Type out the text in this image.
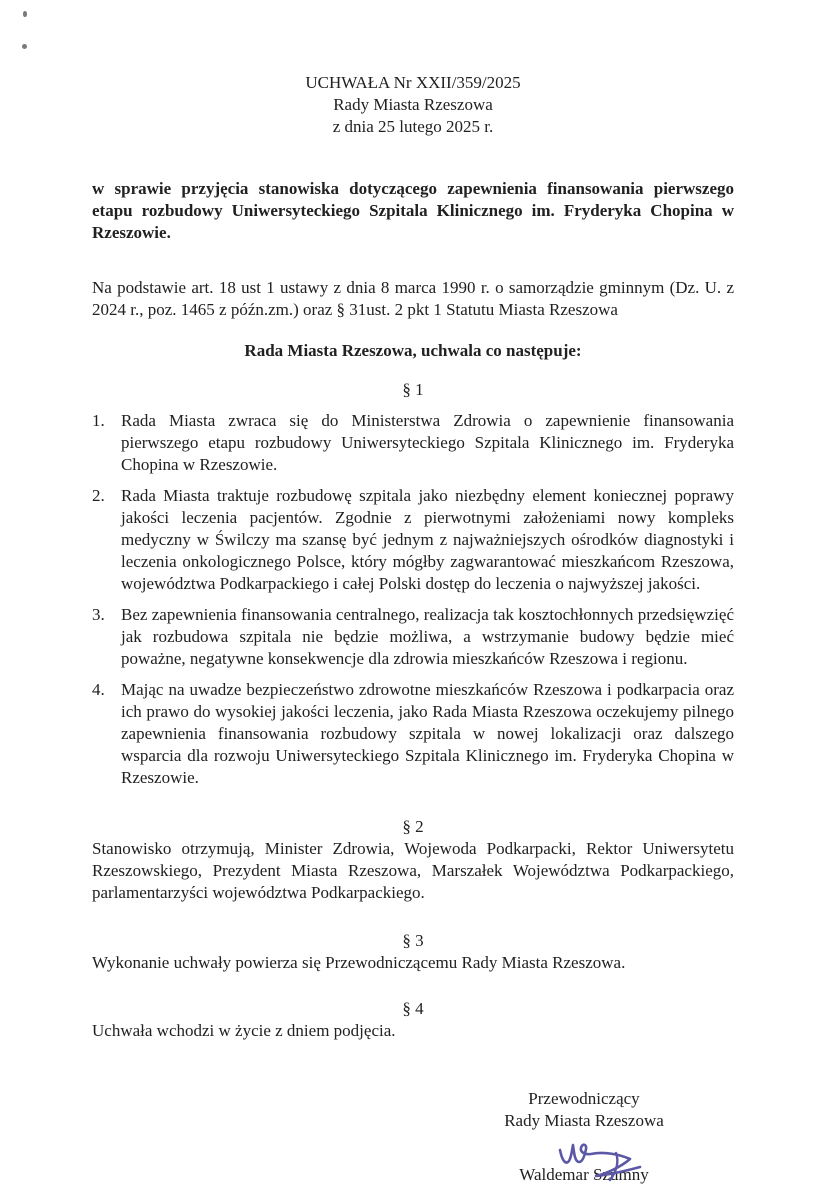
UCHWAŁA Nr XXII/359/2025
Rady Miasta Rzeszowa
z dnia 25 lutego 2025 r.

w sprawie przyjęcia stanowiska dotyczącego zapewnienia finansowania pierwszego etapu rozbudowy Uniwersyteckiego Szpitala Klinicznego im. Fryderyka Chopina w Rzeszowie.

Na podstawie art. 18 ust 1 ustawy z dnia 8 marca 1990 r. o samorządzie gminnym (Dz. U. z 2024 r., poz. 1465 z późn.zm.) oraz § 31ust. 2 pkt 1 Statutu Miasta Rzeszowa

Rada Miasta Rzeszowa, uchwala co następuje:

§ 1
1. Rada Miasta zwraca się do Ministerstwa Zdrowia o zapewnienie finansowania pierwszego etapu rozbudowy Uniwersyteckiego Szpitala Klinicznego im. Fryderyka Chopina w Rzeszowie.
2. Rada Miasta traktuje rozbudowę szpitala jako niezbędny element koniecznej poprawy jakości leczenia pacjentów. Zgodnie z pierwotnymi założeniami nowy kompleks medyczny w Świlczy ma szansę być jednym z najważniejszych ośrodków diagnostyki i leczenia onkologicznego Polsce, który mógłby zagwarantować mieszkańcom Rzeszowa, województwa Podkarpackiego i całej Polski dostęp do leczenia o najwyższej jakości.
3. Bez zapewnienia finansowania centralnego, realizacja tak kosztochłonnych przedsięwzięć jak rozbudowa szpitala nie będzie możliwa, a wstrzymanie budowy będzie mieć poważne, negatywne konsekwencje dla zdrowia mieszkańców Rzeszowa i regionu.
4. Mając na uwadze bezpieczeństwo zdrowotne mieszkańców Rzeszowa i podkarpacia oraz ich prawo do wysokiej jakości leczenia, jako Rada Miasta Rzeszowa oczekujemy pilnego zapewnienia finansowania rozbudowy szpitala w nowej lokalizacji oraz dalszego wsparcia dla rozwoju Uniwersyteckiego Szpitala Klinicznego im. Fryderyka Chopina w Rzeszowie.
§ 2

Stanowisko otrzymują, Minister Zdrowia, Wojewoda Podkarpacki, Rektor Uniwersytetu Rzeszowskiego, Prezydent Miasta Rzeszowa, Marszałek Województwa Podkarpackiego, parlamentarzyści województwa Podkarpackiego.

§ 3

Wykonanie uchwały powierza się Przewodniczącemu Rady Miasta Rzeszowa.

§ 4

Uchwała wchodzi w życie z dniem podjęcia.

Przewodniczący
Rady Miasta Rzeszowa
Waldemar Szumny
